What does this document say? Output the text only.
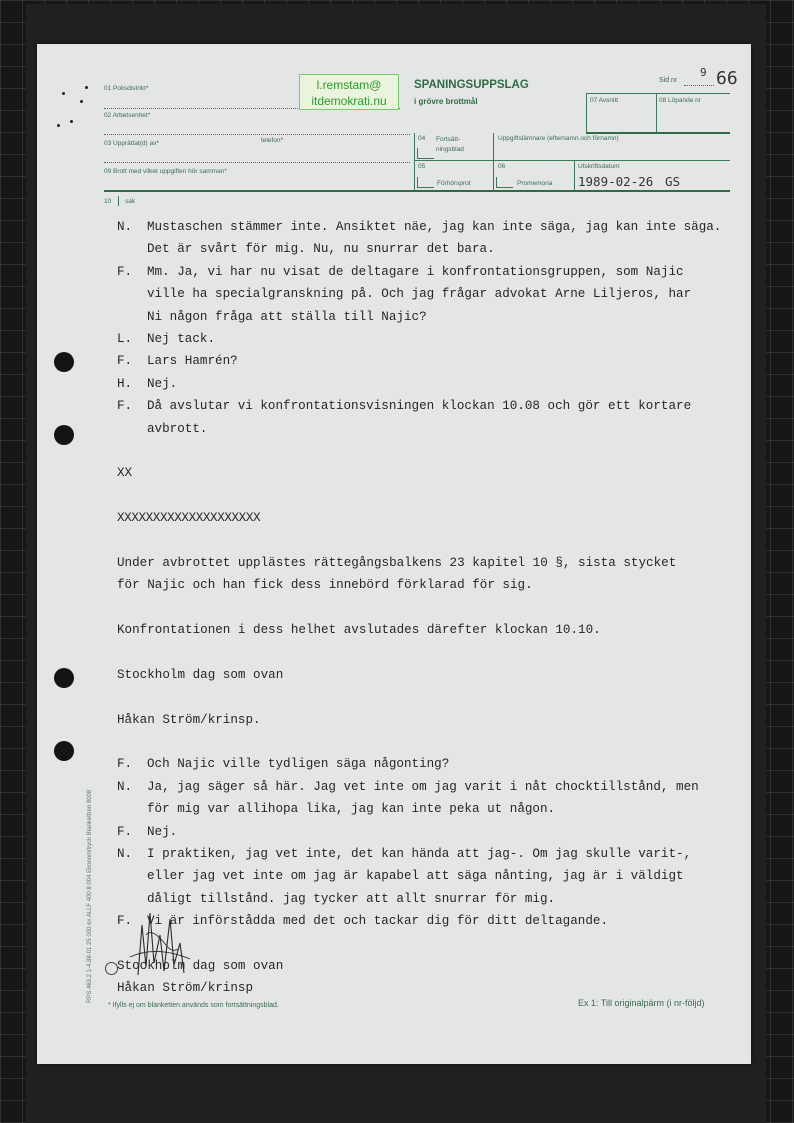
01 Polisdistrikt*
02 Arbetsenhet*
03 Upprättat(d) av*	telefon*
09 Brott med vilket uppgiften hör samman*
10 sak
l.remstam@
itdemokrati.nu
SPANINGSUPPSLAG
i grövre brottmål
Sid nr
9 66
07 Avsnitt	08 Löpande nr
04 Fortsätt-
ningsblad
05
Förhörsprot
06
Promemoria
Uppgiftslämnare (efternamn och förnamn)
Utskriftsdatum
1989-02-26 GS
N. Mustaschen stämmer inte. Ansiktet näe, jag kan inte säga, jag kan inte säga.
Det är svårt för mig. Nu, nu snurrar det bara.
F. Mm. Ja, vi har nu visat de deltagare i konfrontationsgruppen, som Najic
ville ha specialgranskning på. Och jag frågar advokat Arne Liljeros, har
Ni någon fråga att ställa till Najic?
L. Nej tack.
F. Lars Hamrén?
H. Nej.
F. Då avslutar vi konfrontationsvisningen klockan 10.08 och gör ett kortare
avbrott.
XX
XXXXXXXXXXXXXXXXXXXX
Under avbrottet upplästes rättegångsbalkens 23 kapitel 10 §, sista stycket
för Najic och han fick dess innebörd förklarad för sig.
Konfrontationen i dess helhet avslutades därefter klockan 10.10.
Stockholm dag som ovan
Håkan Ström/krinsp.
F. Och Najic ville tydligen säga någonting?
N. Ja, jag säger så här. Jag vet inte om jag varit i nåt chocktillstånd, men
för mig var allihopa lika, jag kan inte peka ut någon.
F. Nej.
N. I praktiken, jag vet inte, det kan hända att jag-. Om jag skulle varit-,
eller jag vet inte om jag är kapabel att säga nånting, jag är i väldigt
dåligt tillstånd. jag tycker att allt snurrar för mig.
F. Vi är införstådda med det och tackar dig för ditt deltagande.
Stockholm dag som ovan
Håkan Ström/krinsp
* Ifylls ej om blanketten används som fortsättningsblad.	Ex 1: Till originalpärm (i nr-följd)
RPS 463.2 1-4.88-01 25 000 ex ALLF 400 8 004 Ekonomitryck Blankettren 8008
